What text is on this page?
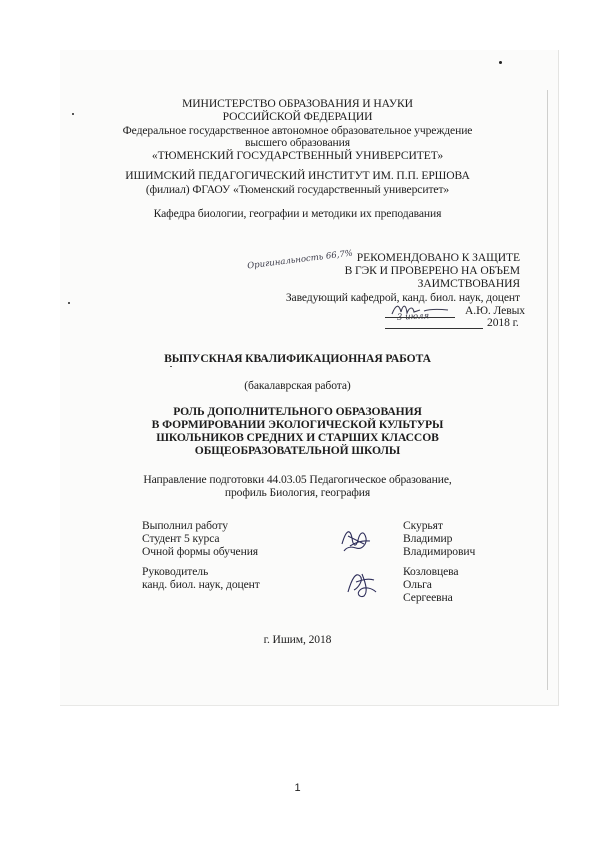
МИНИСТЕРСТВО ОБРАЗОВАНИЯ И НАУКИ
РОССИЙСКОЙ ФЕДЕРАЦИИ
Федеральное государственное автономное образовательное учреждение
высшего образования
«ТЮМЕНСКИЙ ГОСУДАРСТВЕННЫЙ УНИВЕРСИТЕТ»
ИШИМСКИЙ ПЕДАГОГИЧЕСКИЙ ИНСТИТУТ ИМ. П.П. ЕРШОВА
(филиал) ФГАОУ «Тюменский государственный университет»
Кафедра биологии, географии и методики их преподавания
РЕКОМЕНДОВАНО К ЗАЩИТЕ
В ГЭК И ПРОВЕРЕНО НА ОБЪЕМ
ЗАИМСТВОВАНИЯ
Заведующий кафедрой, канд. биол. наук, доцент
А.Ю. Левых
2018 г.
Оригинальность 66,7%
3 июля
ВЫПУСКНАЯ КВАЛИФИКАЦИОННАЯ РАБОТА
(бакалаврская работа)
РОЛЬ ДОПОЛНИТЕЛЬНОГО ОБРАЗОВАНИЯ
В ФОРМИРОВАНИИ ЭКОЛОГИЧЕСКОЙ КУЛЬТУРЫ
ШКОЛЬНИКОВ СРЕДНИХ И СТАРШИХ КЛАССОВ
ОБЩЕОБРАЗОВАТЕЛЬНОЙ ШКОЛЫ
Направление подготовки 44.03.05 Педагогическое образование,
профиль Биология, география
Выполнил работу
Студент 5 курса
Очной формы обучения
Скурьят
Владимир
Владимирович
Руководитель
канд. биол. наук, доцент
Козловцева
Ольга
Сергеевна
г. Ишим, 2018
1
